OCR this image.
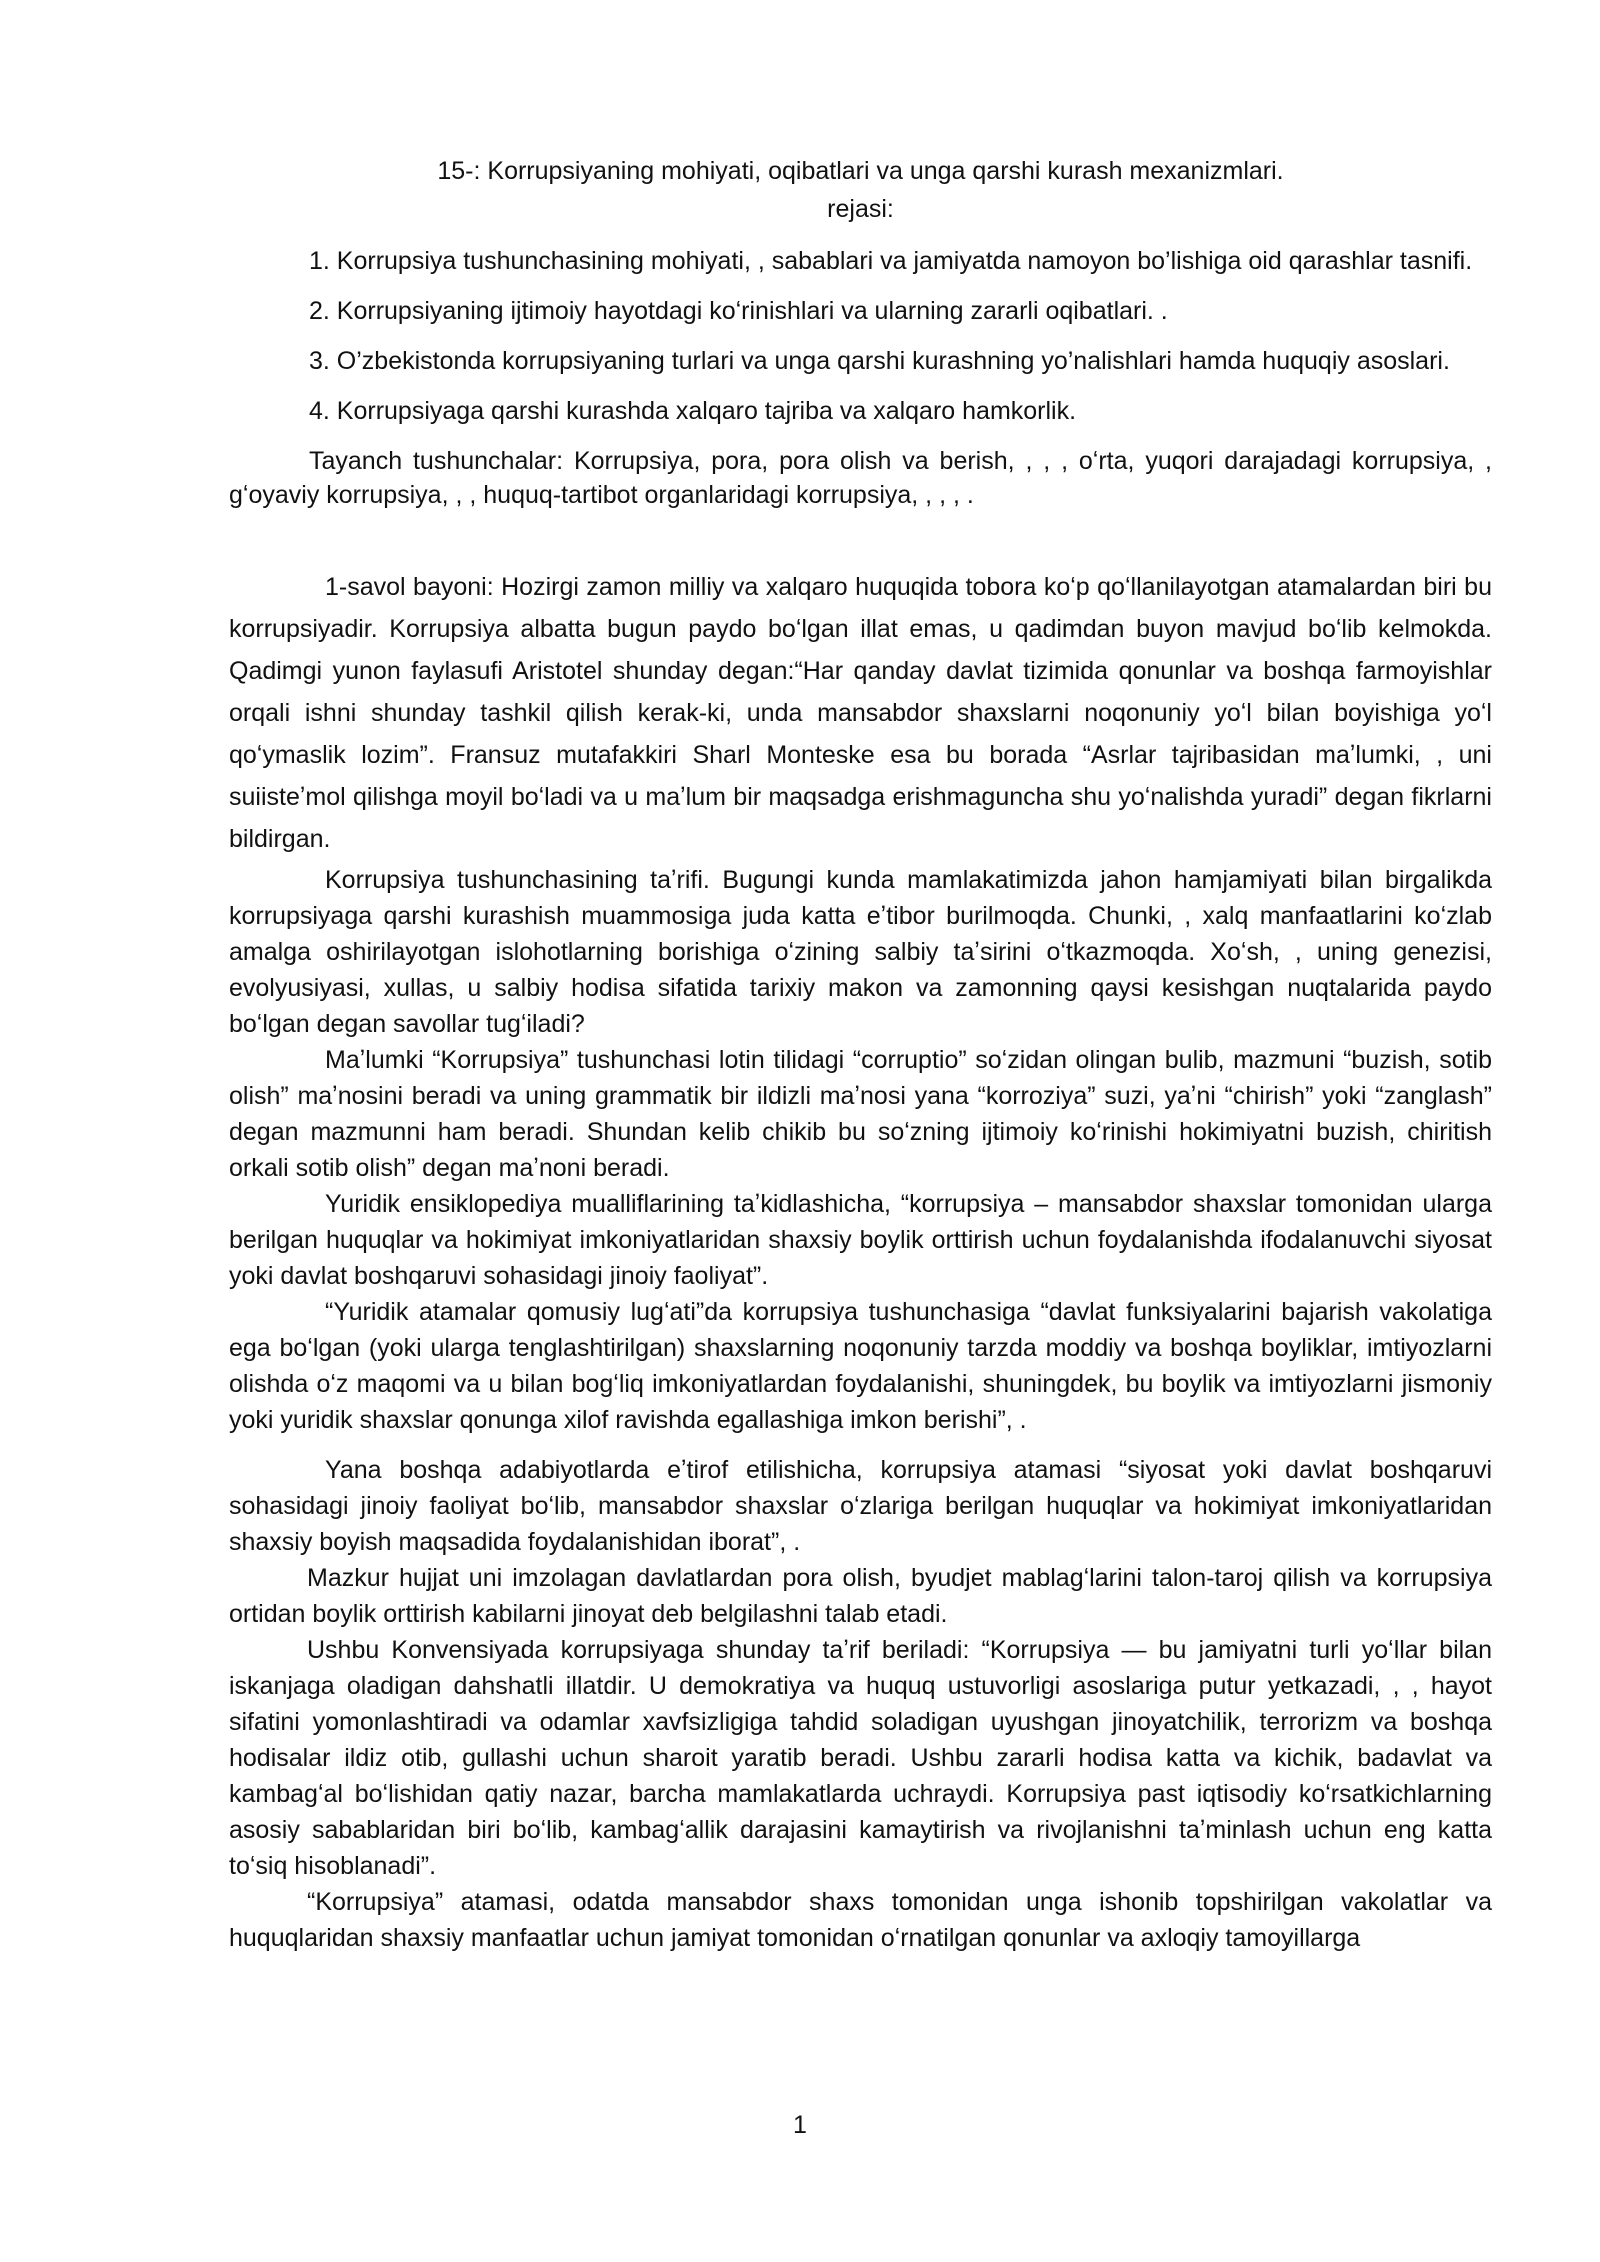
15-: Korrupsiyaning mohiyati, oqibatlari va unga qarshi kurash mexanizmlari.

rejasi:

1. Korrupsiya tushunchasining mohiyati, , sabablari va jamiyatda namoyon bo’lishiga oid qarashlar tasnifi.

2. Korrupsiyaning ijtimoiy hayotdagi koʻrinishlari va ularning zararli oqibatlari. .

3. O’zbekistonda korrupsiyaning turlari va unga qarshi kurashning yo’nalishlari hamda huquqiy asoslari.

4. Korrupsiyaga qarshi kurashda xalqaro tajriba va xalqaro hamkorlik.

Tayanch tushunchalar: Korrupsiya, pora, pora olish va berish, , , , oʻrta, yuqori darajadagi korrupsiya, , gʻoyaviy korrupsiya, , , huquq-tartibot organlaridagi korrupsiya, , , , .

1-savol bayoni: Hozirgi zamon milliy va xalqaro huquqida tobora koʻp qoʻllanilayotgan atamalardan biri bu korrupsiyadir. Korrupsiya albatta bugun paydo boʻlgan illat emas, u qadimdan buyon mavjud boʻlib kelmokda. Qadimgi yunon faylasufi Aristotel shunday degan:“Har qanday davlat tizimida qonunlar va boshqa farmoyishlar orqali ishni shunday tashkil qilish kerak-ki, unda mansabdor shaxslarni noqonuniy yoʻl bilan boyishiga yoʻl qoʻymaslik lozim”. Fransuz mutafakkiri Sharl Monteske esa bu borada “Asrlar tajribasidan maʼlumki, , uni suiisteʼmol qilishga moyil boʻladi va u maʼlum bir maqsadga erishmaguncha shu yoʻnalishda yuradi” degan fikrlarni bildirgan.

Korrupsiya tushunchasining taʼrifi. Bugungi kunda mamlakatimizda jahon hamjamiyati bilan birgalikda korrupsiyaga qarshi kurashish muammosiga juda katta eʼtibor burilmoqda. Chunki, , xalq manfaatlarini koʻzlab amalga oshirilayotgan islohotlarning borishiga oʻzining salbiy taʼsirini oʻtkazmoqda. Xoʻsh, , uning genezisi, evolyusiyasi, xullas, u salbiy hodisa sifatida tarixiy makon va zamonning qaysi kesishgan nuqtalarida paydo boʻlgan degan savollar tugʻiladi?

Maʼlumki “Korrupsiya” tushunchasi lotin tilidagi “corruptio” soʻzidan olingan bulib, mazmuni “buzish, sotib olish” maʼnosini beradi va uning grammatik bir ildizli maʼnosi yana “korroziya” suzi, yaʼni “chirish” yoki “zanglash” degan mazmunni ham beradi. Shundan kelib chikib bu soʻzning ijtimoiy koʻrinishi hokimiyatni buzish, chiritish orkali sotib olish” degan maʼnoni beradi.

Yuridik ensiklopediya mualliflarining taʼkidlashicha, “korrupsiya – mansabdor shaxslar tomonidan ularga berilgan huquqlar va hokimiyat imkoniyatlaridan shaxsiy boylik orttirish uchun foydalanishda ifodalanuvchi siyosat yoki davlat boshqaruvi sohasidagi jinoiy faoliyat”.

“Yuridik atamalar qomusiy lugʻati”da korrupsiya tushunchasiga “davlat funksiyalarini bajarish vakolatiga ega boʻlgan (yoki ularga tenglashtirilgan) shaxslarning noqonuniy tarzda moddiy va boshqa boyliklar, imtiyozlarni olishda oʻz maqomi va u bilan bogʻliq imkoniyatlardan foydalanishi, shuningdek, bu boylik va imtiyozlarni jismoniy yoki yuridik shaxslar qonunga xilof ravishda egallashiga imkon berishi”, .

Yana boshqa adabiyotlarda eʼtirof etilishicha, korrupsiya atamasi “siyosat yoki davlat boshqaruvi sohasidagi jinoiy faoliyat boʻlib, mansabdor shaxslar oʻzlariga berilgan huquqlar va hokimiyat imkoniyatlaridan shaxsiy boyish maqsadida foydalanishidan iborat”, .

Mazkur hujjat uni imzolagan davlatlardan pora olish, byudjet mablagʻlarini talon-taroj qilish va korrupsiya ortidan boylik orttirish kabilarni jinoyat deb belgilashni talab etadi.

Ushbu Konvensiyada korrupsiyaga shunday taʼrif beriladi: “Korrupsiya — bu jamiyatni turli yoʻllar bilan iskanjaga oladigan dahshatli illatdir. U demokratiya va huquq ustuvorligi asoslariga putur yetkazadi, , , hayot sifatini yomonlashtiradi va odamlar xavfsizligiga tahdid soladigan uyushgan jinoyatchilik, terrorizm va boshqa hodisalar ildiz otib, gullashi uchun sharoit yaratib beradi. Ushbu zararli hodisa katta va kichik, badavlat va kambagʻal boʻlishidan qatiy nazar, barcha mamlakatlarda uchraydi. Korrupsiya past iqtisodiy koʻrsatkichlarning asosiy sabablaridan biri boʻlib, kambagʻallik darajasini kamaytirish va rivojlanishni taʼminlash uchun eng katta toʻsiq hisoblanadi”.

“Korrupsiya” atamasi, odatda mansabdor shaxs tomonidan unga ishonib topshirilgan vakolatlar va huquqlaridan shaxsiy manfaatlar uchun jamiyat tomonidan oʻrnatilgan qonunlar va axloqiy tamoyillarga

1
